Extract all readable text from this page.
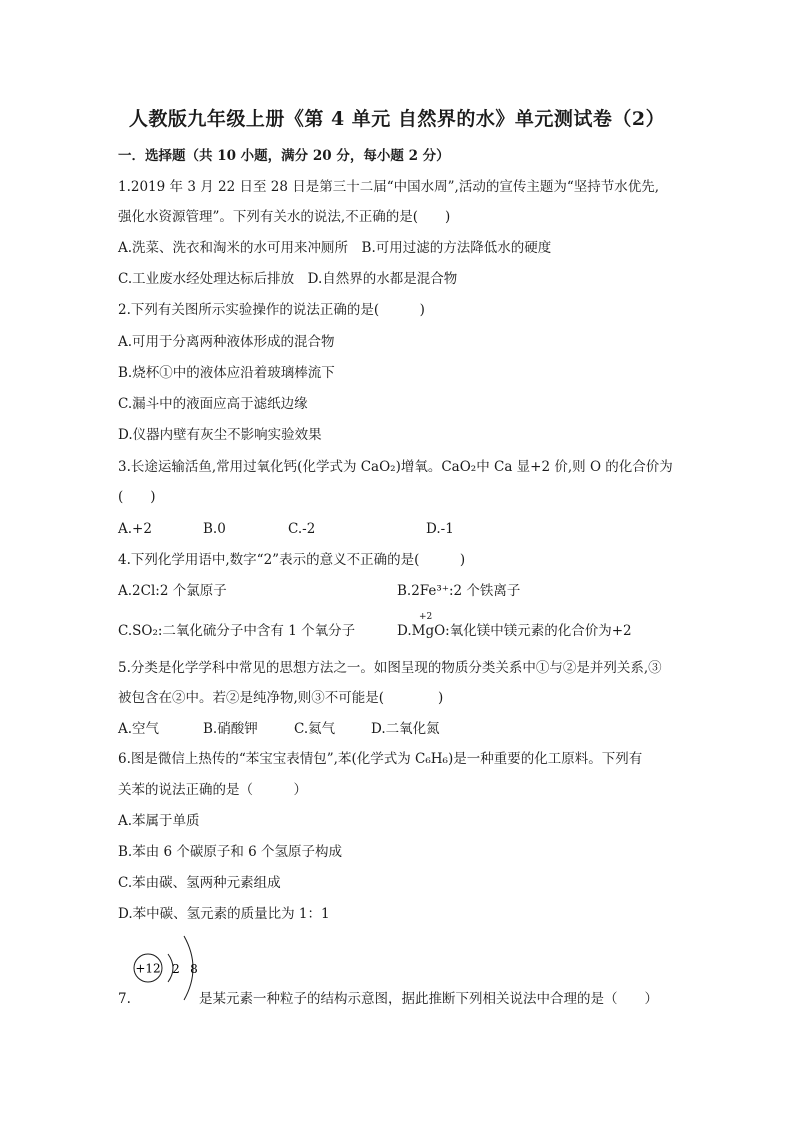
人教版九年级上册《第 4 单元 自然界的水》单元测试卷（2）
一．选择题（共 10 小题，满分 20 分，每小题 2 分）
1.2019 年 3 月 22 日至 28 日是第三十二届“中国水周”,活动的宣传主题为“坚持节水优先,
强化水资源管理”。下列有关水的说法,不正确的是(　　)
A.洗菜、洗衣和淘米的水可用来冲厕所　B.可用过滤的方法降低水的硬度
C.工业废水经处理达标后排放　D.自然界的水都是混合物
2.下列有关图所示实验操作的说法正确的是(　　　)
A.可用于分离两种液体形成的混合物
B.烧杯①中的液体应沿着玻璃棒流下
C.漏斗中的液面应高于滤纸边缘
D.仪器内壁有灰尘不影响实验效果
3.长途运输活鱼,常用过氧化钙(化学式为 CaO₂)增氧。CaO₂中 Ca 显+2 价,则 O 的化合价为
(　　)
A.+2	B.0	C.-2	D.-1
4.下列化学用语中,数字“2”表示的意义不正确的是(　　　)
A.2Cl:2 个氯原子	B.2Fe³⁺:2 个铁离子
C.SO₂:二氧化硫分子中含有 1 个氧分子
+2
D.MgO:氧化镁中镁元素的化合价为+2
5.分类是化学学科中常见的思想方法之一。如图呈现的物质分类关系中①与②是并列关系,③
被包含在②中。若②是纯净物,则③不可能是(　　　　)
A.空气	B.硝酸钾	C.氦气	D.二氧化氮
6.图是微信上热传的“苯宝宝表情包”,苯(化学式为 C₆H₆)是一种重要的化工原料。下列有
关苯的说法正确的是（　　　）
A.苯属于单质
B.苯由 6 个碳原子和 6 个氢原子构成
C.苯由碳、氢两种元素组成
D.苯中碳、氢元素的质量比为 1：1
+12 2 8
7.	是某元素一种粒子的结构示意图，据此推断下列相关说法中合理的是（　　）
